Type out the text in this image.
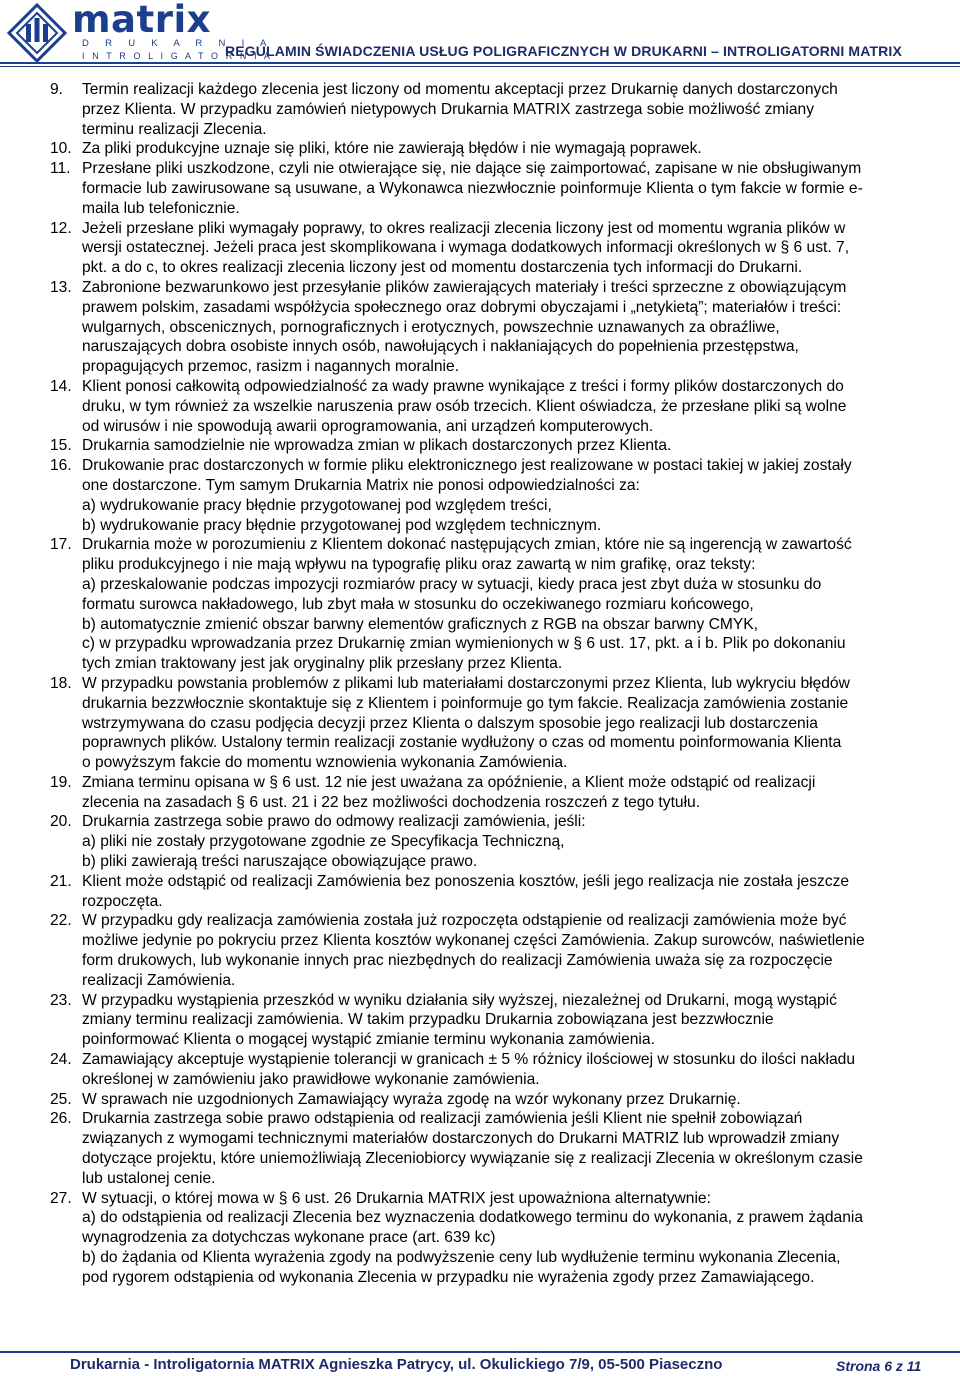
matrix
D R U K A R N I A
I N T R O L I G A T O R N I A
REGULAMIN ŚWIADCZENIA USŁUG POLIGRAFICZNYCH W DRUKARNI – INTROLIGATORNI MATRIX
9.	Termin realizacji każdego zlecenia jest liczony od momentu akceptacji przez Drukarnię danych dostarczonych
przez Klienta. W przypadku zamówień nietypowych Drukarnia MATRIX zastrzega sobie możliwość zmiany
terminu realizacji Zlecenia.
10. Za pliki produkcyjne uznaje się pliki, które nie zawierają błędów i nie wymagają poprawek.
11. Przesłane pliki uszkodzone, czyli nie otwierające się, nie dające się zaimportować, zapisane w nie obsługiwanym
formacie lub zawirusowane są usuwane, a Wykonawca niezwłocznie poinformuje Klienta o tym fakcie w formie e-
maila lub telefonicznie.
12. Jeżeli przesłane pliki wymagały poprawy, to okres realizacji zlecenia liczony jest od momentu wgrania plików w
wersji ostatecznej. Jeżeli praca jest skomplikowana i wymaga dodatkowych informacji określonych w § 6 ust. 7,
pkt. a do c, to okres realizacji zlecenia liczony jest od momentu dostarczenia tych informacji do Drukarni.
13. Zabronione bezwarunkowo jest przesyłanie plików zawierających materiały i treści sprzeczne z obowiązującym
prawem polskim, zasadami współżycia społecznego oraz dobrymi obyczajami i „netykietą”; materiałów i treści:
wulgarnych, obscenicznych, pornograficznych i erotycznych, powszechnie uznawanych za obraźliwe,
naruszających dobra osobiste innych osób, nawołujących i nakłaniających do popełnienia przestępstwa,
propagujących przemoc, rasizm i nagannych moralnie.
14. Klient ponosi całkowitą odpowiedzialność za wady prawne wynikające z treści i formy plików dostarczonych do
druku, w tym również za wszelkie naruszenia praw osób trzecich. Klient oświadcza, że przesłane pliki są wolne
od wirusów i nie spowodują awarii oprogramowania, ani urządzeń komputerowych.
15. Drukarnia samodzielnie nie wprowadza zmian w plikach dostarczonych przez Klienta.
16. Drukowanie prac dostarczonych w formie pliku elektronicznego jest realizowane w postaci takiej w jakiej zostały
one dostarczone. Tym samym Drukarnia Matrix nie ponosi odpowiedzialności za:
a) wydrukowanie pracy błędnie przygotowanej pod względem treści,
b) wydrukowanie pracy błędnie przygotowanej pod względem technicznym.
17. Drukarnia może w porozumieniu z Klientem dokonać następujących zmian, które nie są ingerencją w zawartość
pliku produkcyjnego i nie mają wpływu na typografię pliku oraz zawartą w nim grafikę, oraz teksty:
a) przeskalowanie podczas impozycji rozmiarów pracy w sytuacji, kiedy praca jest zbyt duża w stosunku do
formatu surowca nakładowego, lub zbyt mała w stosunku do oczekiwanego rozmiaru końcowego,
b) automatycznie zmienić obszar barwny elementów graficznych z RGB na obszar barwny CMYK,
c) w przypadku wprowadzania przez Drukarnię zmian wymienionych w § 6 ust. 17, pkt. a i b. Plik po dokonaniu
tych zmian traktowany jest jak oryginalny plik przesłany przez Klienta.
18. W przypadku powstania problemów z plikami lub materiałami dostarczonymi przez Klienta, lub wykryciu błędów
drukarnia bezzwłocznie skontaktuje się z Klientem i poinformuje go tym fakcie. Realizacja zamówienia zostanie
wstrzymywana do czasu podjęcia decyzji przez Klienta o dalszym sposobie jego realizacji lub dostarczenia
poprawnych plików. Ustalony termin realizacji zostanie wydłużony o czas od momentu poinformowania Klienta
o powyższym fakcie do momentu wznowienia wykonania Zamówienia.
19. Zmiana terminu opisana w § 6 ust. 12 nie jest uważana za opóźnienie, a Klient może odstąpić od realizacji
zlecenia na zasadach § 6 ust. 21 i 22 bez możliwości dochodzenia roszczeń z tego tytułu.
20. Drukarnia zastrzega sobie prawo do odmowy realizacji zamówienia, jeśli:
a) pliki nie zostały przygotowane zgodnie ze Specyfikacja Techniczną,
b) pliki zawierają treści naruszające obowiązujące prawo.
21. Klient może odstąpić od realizacji Zamówienia bez ponoszenia kosztów, jeśli jego realizacja nie została jeszcze
rozpoczęta.
22. W przypadku gdy realizacja zamówienia została już rozpoczęta odstąpienie od realizacji zamówienia może być
możliwe jedynie po pokryciu przez Klienta kosztów wykonanej części Zamówienia. Zakup surowców, naświetlenie
form drukowych, lub wykonanie innych prac niezbędnych do realizacji Zamówienia uważa się za rozpoczęcie
realizacji Zamówienia.
23. W przypadku wystąpienia przeszkód w wyniku działania siły wyższej, niezależnej od Drukarni, mogą wystąpić
zmiany terminu realizacji zamówienia. W takim przypadku Drukarnia zobowiązana jest bezzwłocznie
poinformować Klienta o mogącej wystąpić zmianie terminu wykonania zamówienia.
24. Zamawiający akceptuje wystąpienie tolerancji w granicach ± 5 % różnicy ilościowej w stosunku do ilości nakładu
określonej w zamówieniu jako prawidłowe wykonanie zamówienia.
25. W sprawach nie uzgodnionych Zamawiający wyraża zgodę na wzór wykonany przez Drukarnię.
26. Drukarnia zastrzega sobie prawo odstąpienia od realizacji zamówienia jeśli Klient nie spełnił zobowiązań
związanych z wymogami technicznymi materiałów dostarczonych do Drukarni MATRIZ lub wprowadził zmiany
dotyczące projektu, które uniemożliwiają Zleceniobiorcy wywiązanie się z realizacji Zlecenia w określonym czasie
lub ustalonej cenie.
27. W sytuacji, o której mowa w § 6 ust. 26 Drukarnia MATRIX jest upoważniona alternatywnie:
a) do odstąpienia od realizacji Zlecenia bez wyznaczenia dodatkowego terminu do wykonania, z prawem żądania
wynagrodzenia za dotychczas wykonane prace (art. 639 kc)
b) do żądania od Klienta wyrażenia zgody na podwyższenie ceny lub wydłużenie terminu wykonania Zlecenia,
pod rygorem odstąpienia od wykonania Zlecenia w przypadku nie wyrażenia zgody przez Zamawiającego.
Drukarnia - Introligatornia MATRIX Agnieszka Patrycy, ul. Okulickiego 7/9, 05-500 Piaseczno	Strona 6 z 11
